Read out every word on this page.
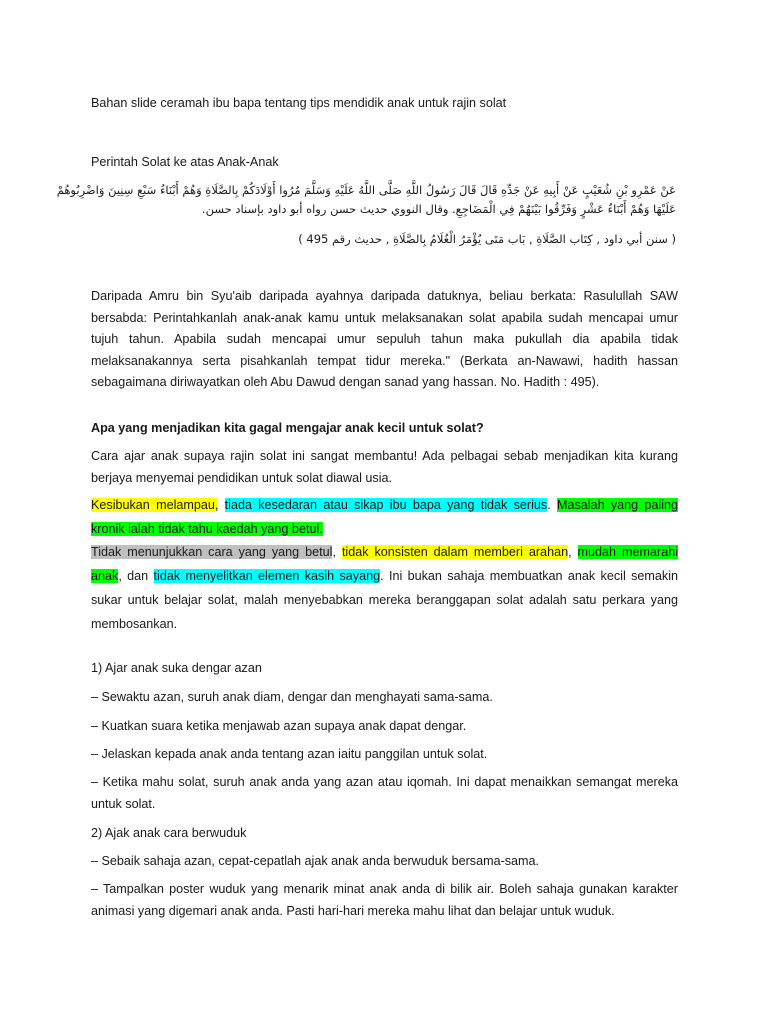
Bahan slide ceramah ibu bapa tentang tips mendidik anak untuk rajin solat
Perintah Solat ke atas Anak-Anak
عَنْ عَمْرِو بْنِ شُعَيْبٍ عَنْ أَبِيهِ عَنْ جَدِّهِ قَالَ قَالَ رَسُولُ اللَّهِ صَلَّى اللَّهُ عَلَيْهِ وَسَلَّمَ مُرُوا أَوْلَادَكُمْ بِالصَّلَاةِ وَهُمْ أَبْنَاءُ سَبْعِ سِنِينَ وَاضْرِبُوهُمْ
عَلَيْهَا وَهُمْ أَبْنَاءُ عَشْرٍ وَفَرِّقُوا بَيْنَهُمْ فِي الْمَضَاجِعِ. وقال النووي حديث حسن رواه أبو داود بإسناد حسن.
( سنن أبي داود , كِتَاب الصَّلَاةِ , بَاب مَتَى يُؤْمَرُ الْغُلَامُ بِالصَّلَاةِ , حديث رقم 495 )
Daripada Amru bin Syu'aib daripada ayahnya daripada datuknya, beliau berkata: Rasulullah SAW bersabda: Perintahkanlah anak-anak kamu untuk melaksanakan solat apabila sudah mencapai umur tujuh tahun. Apabila sudah mencapai umur sepuluh tahun maka pukullah dia apabila tidak melaksanakannya serta pisahkanlah tempat tidur mereka." (Berkata an-Nawawi, hadith hassan sebagaimana diriwayatkan oleh Abu Dawud dengan sanad yang hassan. No. Hadith : 495).
Apa yang menjadikan kita gagal mengajar anak kecil untuk solat?
Cara ajar anak supaya rajin solat ini sangat membantu! Ada pelbagai sebab menjadikan kita kurang berjaya menyemai pendidikan untuk solat diawal usia.
Kesibukan melampau, tiada kesedaran atau sikap ibu bapa yang tidak serius. Masalah yang paling kronik ialah tidak tahu kaedah yang betul.
Tidak menunjukkan cara yang yang betul, tidak konsisten dalam memberi arahan, mudah memarahi anak, dan tidak menyelitkan elemen kasih sayang. Ini bukan sahaja membuatkan anak kecil semakin sukar untuk belajar solat, malah menyebabkan mereka beranggapan solat adalah satu perkara yang membosankan.
1) Ajar anak suka dengar azan
– Sewaktu azan, suruh anak diam, dengar dan menghayati sama-sama.
– Kuatkan suara ketika menjawab azan supaya anak dapat dengar.
– Jelaskan kepada anak anda tentang azan iaitu panggilan untuk solat.
– Ketika mahu solat, suruh anak anda yang azan atau iqomah. Ini dapat menaikkan semangat mereka untuk solat.
2) Ajak anak cara berwuduk
– Sebaik sahaja azan, cepat-cepatlah ajak anak anda berwuduk bersama-sama.
– Tampalkan poster wuduk yang menarik minat anak anda di bilik air. Boleh sahaja gunakan karakter animasi yang digemari anak anda. Pasti hari-hari mereka mahu lihat dan belajar untuk wuduk.
